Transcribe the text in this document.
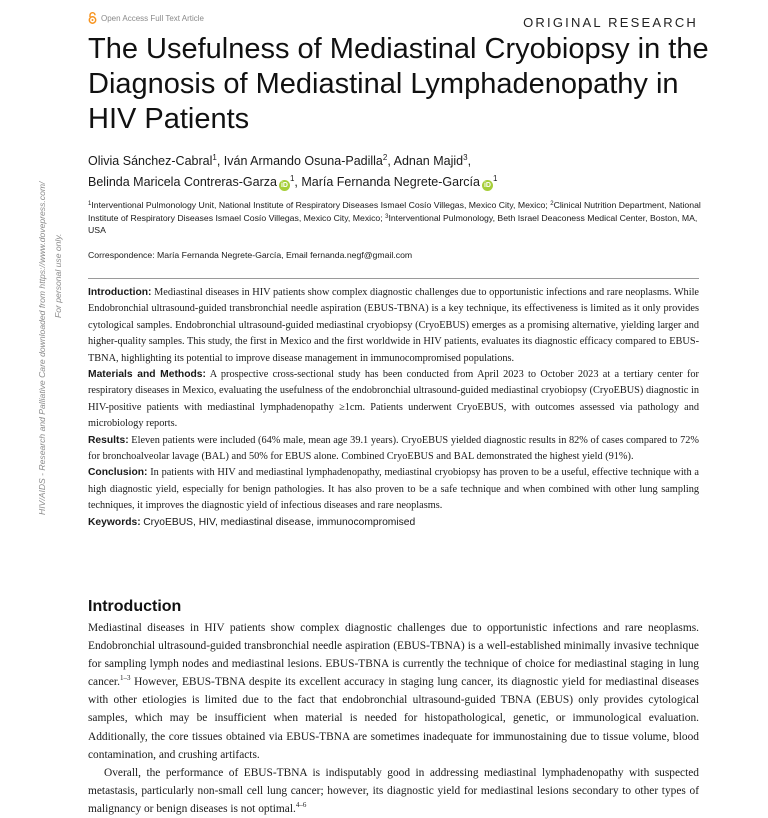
HIV/AIDS - Research and Palliative Care downloaded from https://www.dovepress.com/ For personal use only.
Open Access Full Text Article	ORIGINAL RESEARCH
The Usefulness of Mediastinal Cryobiopsy in the Diagnosis of Mediastinal Lymphadenopathy in HIV Patients
Olivia Sánchez-Cabral$^1$, Iván Armando Osuna-Padilla$^2$, Adnan Majid$^3$,
Belinda Maricela Contreras-Garza $iD^1$, María Fernanda Negrete-García $iD^1$
$^1$Interventional Pulmonology Unit, National Institute of Respiratory Diseases Ismael Cosío Villegas, Mexico City, Mexico; $^2$Clinical Nutrition Department, National Institute of Respiratory Diseases Ismael Cosío Villegas, Mexico City, Mexico; $^3$Interventional Pulmonology, Beth Israel Deaconess Medical Center, Boston, MA, USA
Correspondence: María Fernanda Negrete-García, Email fernanda.negf@gmail.com

Introduction: Mediastinal diseases in HIV patients show complex diagnostic challenges due to opportunistic infections and rare neoplasms. While Endobronchial ultrasound-guided transbronchial needle aspiration (EBUS-TBNA) is a key technique, its effectiveness is limited as it only provides cytological samples. Endobronchial ultrasound-guided mediastinal cryobiopsy (CryoEBUS) emerges as a promising alternative, yielding larger and higher-quality samples. This study, the first in Mexico and the first worldwide in HIV patients, evaluates its diagnostic efficacy compared to EBUS-TBNA, highlighting its potential to improve disease management in immunocompromised populations.

Materials and Methods: A prospective cross-sectional study has been conducted from April 2023 to October 2023 at a tertiary center for respiratory diseases in Mexico, evaluating the usefulness of the endobronchial ultrasound-guided mediastinal cryobiopsy (CryoEBUS) diagnostic in HIV-positive patients with mediastinal lymphadenopathy ≥1cm. Patients underwent CryoEBUS, with outcomes assessed via pathology and microbiology reports.

Results: Eleven patients were included (64% male, mean age 39.1 years). CryoEBUS yielded diagnostic results in 82% of cases compared to 72% for bronchoalveolar lavage (BAL) and 50% for EBUS alone. Combined CryoEBUS and BAL demonstrated the highest yield (91%).

Conclusion: In patients with HIV and mediastinal lymphadenopathy, mediastinal cryobiopsy has proven to be a useful, effective technique with a high diagnostic yield, especially for benign pathologies. It has also proven to be a safe technique and when combined with other lung sampling techniques, it improves the diagnostic yield of infectious diseases and rare neoplasms.

Keywords: CryoEBUS, HIV, mediastinal disease, immunocompromised

Introduction

Mediastinal diseases in HIV patients show complex diagnostic challenges due to opportunistic infections and rare neoplasms. Endobronchial ultrasound-guided transbronchial needle aspiration (EBUS-TBNA) is a well-established minimally invasive technique for sampling lymph nodes and mediastinal lesions. EBUS-TBNA is currently the technique of choice for mediastinal staging in lung cancer.$^{1-3}$ However, EBUS-TBNA despite its excellent accuracy in staging lung cancer, its diagnostic yield for mediastinal diseases with other etiologies is limited due to the fact that endobronchial ultrasound-guided TBNA (EBUS) only provides cytological samples, which may be insufficient when material is needed for histopathological, genetic, or immunological evaluation. Additionally, the core tissues obtained via EBUS-TBNA are sometimes inadequate for immunostaining due to tissue volume, blood contamination, and crushing artifacts.

Overall, the performance of EBUS-TBNA is indisputably good in addressing mediastinal lymphadenopathy with suspected metastasis, particularly non-small cell lung cancer; however, its diagnostic yield for mediastinal lesions secondary to other types of malignancy or benign diseases is not optimal.$^{4-6}$
